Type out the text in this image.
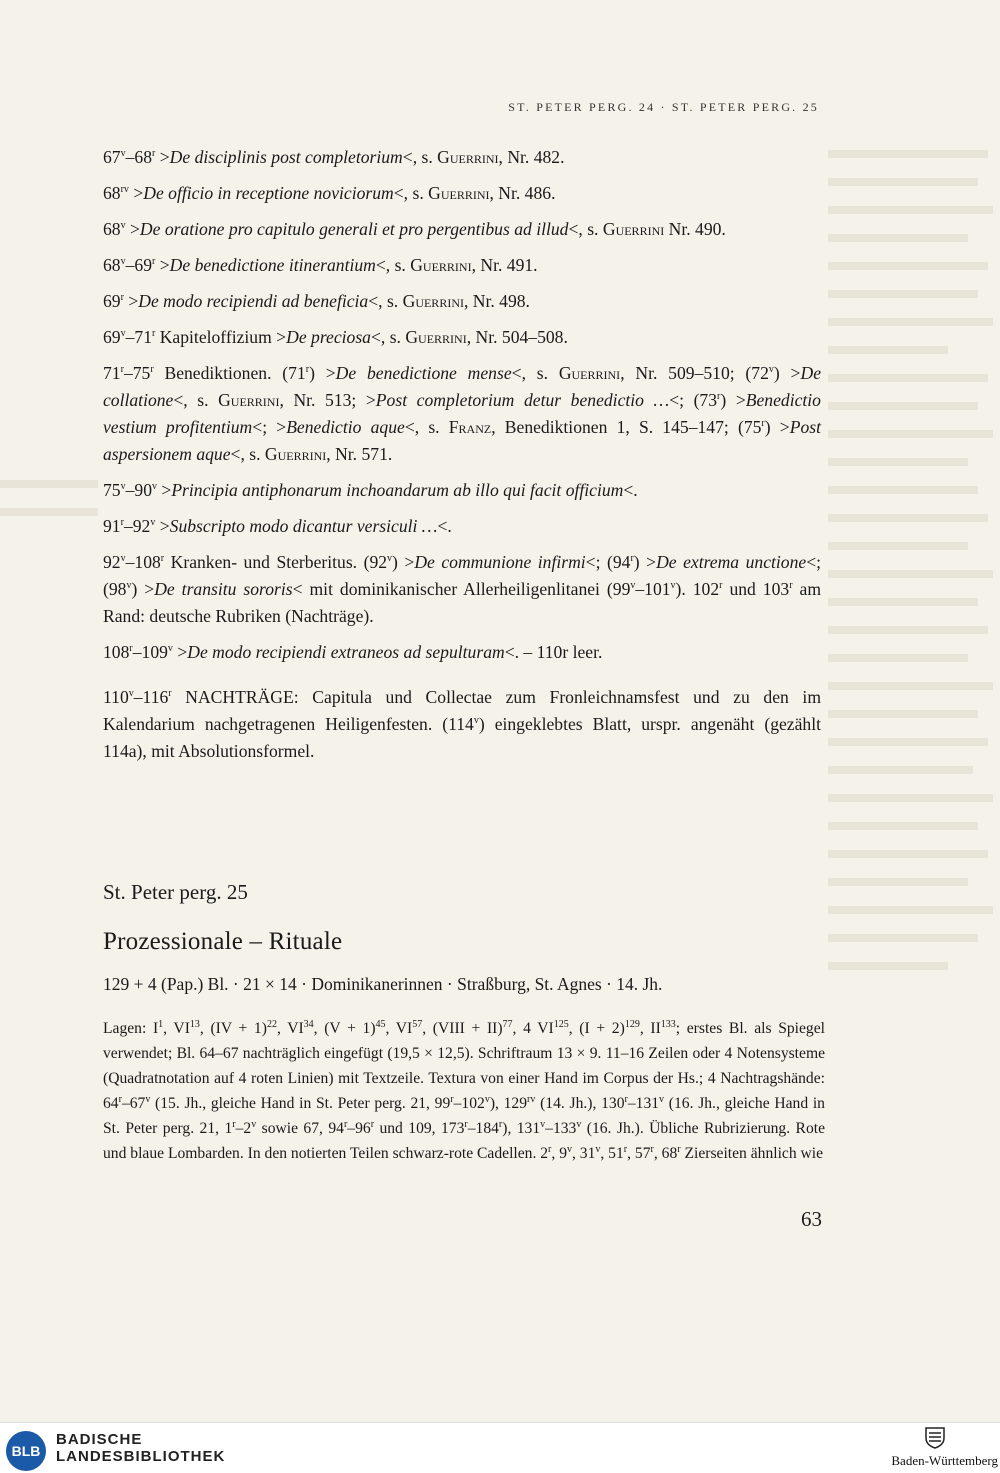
ST. PETER PERG. 24 · ST. PETER PERG. 25

$67^v-68^r >De$ disciplinis post completorium<, s. Guerrini, Nr. 482.

$68^{rv} >De$ officio in receptione noviciorum<, s. Guerrini, Nr. 486.

$68^v >De$ oratione pro capitulo generali et pro pergentibus ad illud<, s. Guerrini Nr. 490.

$68^v-69^r >De$ benedictione itinerantium<, s. Guerrini, Nr. 491.

$69^r >De$ modo recipiendi ad beneficia<, s. Guerrini, Nr. 498.

69$^v$–71$^r$ Kapiteloffizium >De preciosa<, s. Guerrini, Nr. 504–508.

71$^r$–75$^r$ Benediktionen. $(71^r) >De$ benedictione mense<, s. Guerrini, Nr. 509–510; $(72^v) >De$ collatione<, s. Guerrini, Nr. 513; >Post completorium detur benedictio …<; $(73^r)$ >Benedictio vestium profitentium<; >Benedictio aque<, s. Franz, Benediktionen 1, S. 145–147; $(75^r)$ >Post aspersionem aque<, s. Guerrini, Nr. 571.

$75^v-90^v$ >Principia antiphonarum inchoandarum ab illo qui facit officium<.

$91^r-92^v$ >Subscripto modo dicantur versiculi …<.

92$^v$–108$^r$ Kranken- und Sterberitus. $(92^v) >De$ communione infirmi<; $(94^r) >De$ extrema unctione<; $(98^v) >De$ transitu sororis< mit dominikanischer Allerheiligenlitanei (99$^v$–101$^v$). 102$^r$ und 103$^r$ am Rand: deutsche Rubriken (Nachträge).

$108^r-109^v >De$ modo recipiendi extraneos ad sepulturam<. – 110r leer.

110$^v$–116$^r$ NACHTRÄGE: Capitula und Collectae zum Fronleichnamsfest und zu den im Kalendarium nachgetragenen Heiligenfesten. (114$^v$) eingeklebtes Blatt, urspr. angenäht (gezählt 114a), mit Absolutionsformel.

St. Peter perg. 25
Prozessionale – Rituale
129 + 4 (Pap.) Bl. · 21 × 14 · Dominikanerinnen · Straßburg, St. Agnes · 14. Jh.
Lagen: $I^1$, VI$^{13}$, (IV + 1)$^{22}$, VI$^{34}$, $(V + 1)^{45}$, VI$^{57}$, (VIII + II)$^{77}$, 4 VI$^{125}$, $(I + 2)^{129}$, II$^{133}$; erstes Bl. als Spiegel verwendet; Bl. 64–67 nachträglich eingefügt (19,5 × 12,5). Schriftraum 13 × 9. 11–16 Zeilen oder 4 Notensysteme (Quadratnotation auf 4 roten Linien) mit Textzeile. Textura von einer Hand im Corpus der Hs.; 4 Nachtragshände: 64$^r$–67$^v$ (15. Jh., gleiche Hand in St. Peter perg. 21, 99$^r$–102$^v$), $129^{rv}$ (14. Jh.), 130$^r$–131$^v$ (16. Jh., gleiche Hand in St. Peter perg. 21, 1$^r$–2$^v$ sowie 67, 94$^r$–96$^r$ und 109, 173$^r$–184$^r$), 131$^v$–133$^v$ (16. Jh.). Übliche Rubrizierung. Rote und blaue Lombarden. In den notierten Teilen schwarz-rote Cadellen. 2$^r$, 9$^v$, 31$^v$, 51$^r$, 57$^r$, 68$^r$ Zierseiten ähnlich wie
63
BLB
BADISCHE
LANDESBIBLIOTHEK	Baden-Württemberg
